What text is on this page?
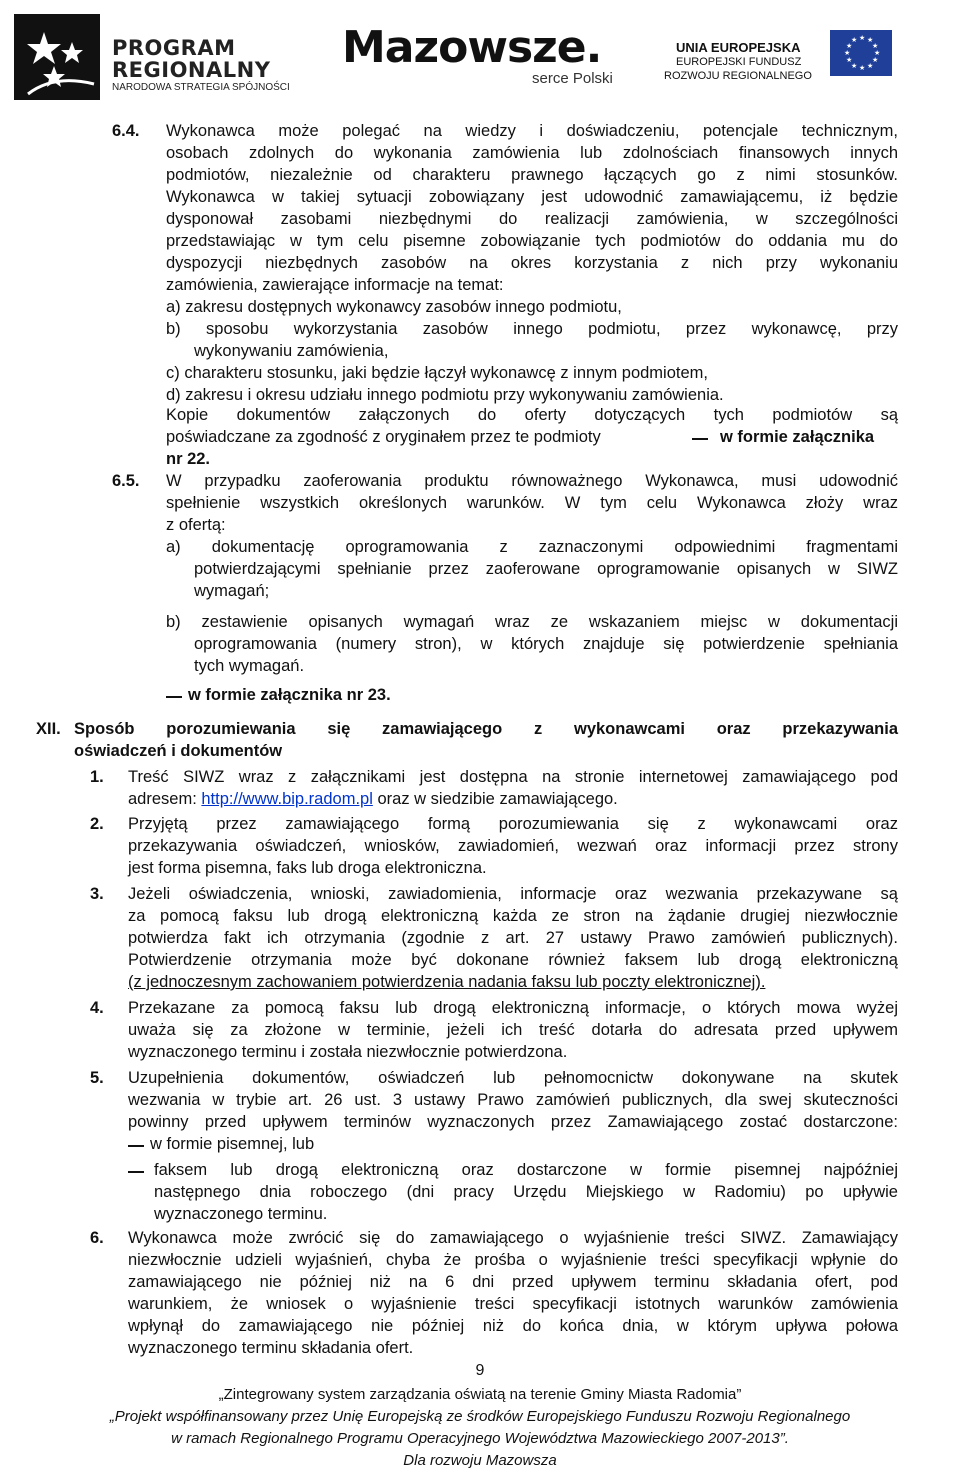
PROGRAM
REGIONALNY
NARODOWA STRATEGIA SPÓJNOŚCI
Mazowsze.
serce Polski
UNIA EUROPEJSKA
EUROPEJSKI FUNDUSZ
ROZWOJU REGIONALNEGO
★ ★
★
★
★
★
★
★
★
★
★
★
6.4. Wykonawca może polegać na wiedzy i doświadczeniu, potencjale technicznym,
osobach zdolnych do wykonania zamówienia lub zdolnościach finansowych innych
podmiotów, niezależnie od charakteru prawnego łączących go z nimi stosunków.
Wykonawca w takiej sytuacji zobowiązany jest udowodnić zamawiającemu, iż będzie
dysponował zasobami niezbędnymi do realizacji zamówienia, w szczególności
przedstawiając w tym celu pisemne zobowiązanie tych podmiotów do oddania mu do
dyspozycji niezbędnych zasobów na okres korzystania z nich przy wykonaniu
zamówienia, zawierające informacje na temat:
a) zakresu dostępnych wykonawcy zasobów innego podmiotu,
b) sposobu wykorzystania zasobów innego podmiotu, przez wykonawcę, przy
wykonywaniu zamówienia,
c) charakteru stosunku, jaki będzie łączył wykonawcę z innym podmiotem,
d) zakresu i okresu udziału innego podmiotu przy wykonywaniu zamówienia.
Kopie dokumentów załączonych do oferty dotyczących tych podmiotów są
poświadczane za zgodność z oryginałem przez te podmioty	w formie załącznika
nr 22.
6.5. W przypadku zaoferowania produktu równoważnego Wykonawca, musi udowodnić
spełnienie wszystkich określonych warunków. W tym celu Wykonawca złoży wraz
z ofertą:
a) dokumentację oprogramowania z zaznaczonymi odpowiednimi fragmentami
potwierdzającymi spełnianie przez zaoferowane oprogramowanie opisanych w SIWZ
wymagań;
b) zestawienie opisanych wymagań wraz ze wskazaniem miejsc w dokumentacji
oprogramowania (numery stron), w których znajduje się potwierdzenie spełniania
tych wymagań.
w formie załącznika nr 23.
XII. Sposób porozumiewania się zamawiającego z wykonawcami oraz przekazywania
oświadczeń i dokumentów
1. Treść SIWZ wraz z załącznikami jest dostępna na stronie internetowej zamawiającego pod
adresem: http://www.bip.radom.pl oraz w siedzibie zamawiającego.
2. Przyjętą przez zamawiającego formą porozumiewania się z wykonawcami oraz
przekazywania oświadczeń, wniosków, zawiadomień, wezwań oraz informacji przez strony
jest forma pisemna, faks lub droga elektroniczna.
3. Jeżeli oświadczenia, wnioski, zawiadomienia, informacje oraz wezwania przekazywane są
za pomocą faksu lub drogą elektroniczną każda ze stron na żądanie drugiej niezwłocznie
potwierdza fakt ich otrzymania (zgodnie z art. 27 ustawy Prawo zamówień publicznych).
Potwierdzenie otrzymania może być dokonane również faksem lub drogą elektroniczną
(z jednoczesnym zachowaniem potwierdzenia nadania faksu lub poczty elektronicznej).
4. Przekazane za pomocą faksu lub drogą elektroniczną informacje, o których mowa wyżej
uważa się za złożone w terminie, jeżeli ich treść dotarła do adresata przed upływem
wyznaczonego terminu i została niezwłocznie potwierdzona.
5. Uzupełnienia dokumentów, oświadczeń lub pełnomocnictw dokonywane na skutek
wezwania w trybie art. 26 ust. 3 ustawy Prawo zamówień publicznych, dla swej skuteczności
powinny przed upływem terminów wyznaczonych przez Zamawiającego zostać dostarczone:
w formie pisemnej, lub
faksem lub drogą elektroniczną oraz dostarczone w formie pisemnej najpóźniej
następnego dnia roboczego (dni pracy Urzędu Miejskiego w Radomiu) po upływie
wyznaczonego terminu.
6. Wykonawca może zwrócić się do zamawiającego o wyjaśnienie treści SIWZ. Zamawiający
niezwłocznie udzieli wyjaśnień, chyba że prośba o wyjaśnienie treści specyfikacji wpłynie do
zamawiającego nie później niż na 6 dni przed upływem terminu składania ofert, pod
warunkiem, że wniosek o wyjaśnienie treści specyfikacji istotnych warunków zamówienia
wpłynął do zamawiającego nie później niż do końca dnia, w którym upływa połowa
wyznaczonego terminu składania ofert.
9
„Zintegrowany system zarządzania oświatą na terenie Gminy Miasta Radomia”
„Projekt współfinansowany przez Unię Europejską ze środków Europejskiego Funduszu Rozwoju Regionalnego
w ramach Regionalnego Programu Operacyjnego Województwa Mazowieckiego 2007-2013”.
Dla rozwoju Mazowsza
